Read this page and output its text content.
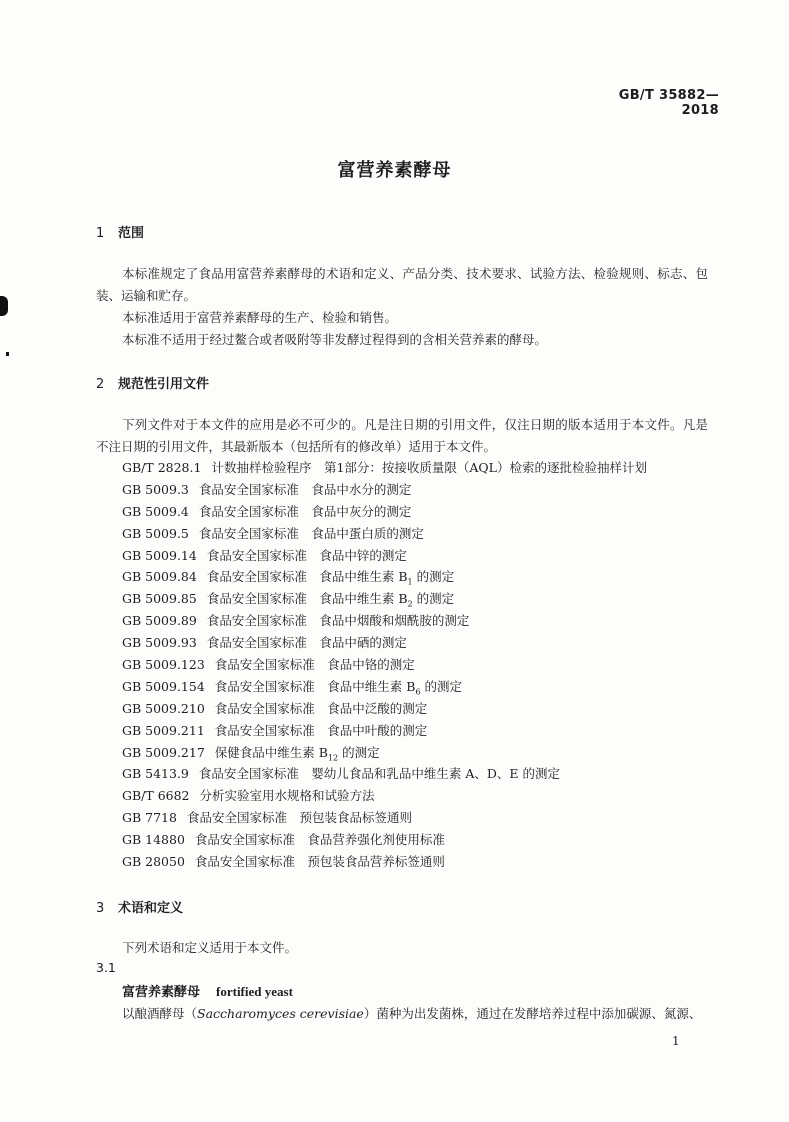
GB/T 35882—2018
富营养素酵母
1 范围
本标准规定了食品用富营养素酵母的术语和定义、产品分类、技术要求、试验方法、检验规则、标志、包装、运输和贮存。
本标准适用于富营养素酵母的生产、检验和销售。
本标准不适用于经过鳌合或者吸附等非发酵过程得到的含相关营养素的酵母。
2 规范性引用文件
下列文件对于本文件的应用是必不可少的。凡是注日期的引用文件，仅注日期的版本适用于本文件。凡是不注日期的引用文件，其最新版本（包括所有的修改单）适用于本文件。
GB/T 2828.1 计数抽样检验程序　第1部分：按接收质量限（AQL）检索的逐批检验抽样计划
GB 5009.3 食品安全国家标准　食品中水分的测定
GB 5009.4 食品安全国家标准　食品中灰分的测定
GB 5009.5 食品安全国家标准　食品中蛋白质的测定
GB 5009.14 食品安全国家标准　食品中锌的测定
GB 5009.84 食品安全国家标准　食品中维生素 $B_1$ 的测定
GB 5009.85 食品安全国家标准　食品中维生素 $B_2$ 的测定
GB 5009.89 食品安全国家标准　食品中烟酸和烟酰胺的测定
GB 5009.93 食品安全国家标准　食品中硒的测定
GB 5009.123 食品安全国家标准　食品中铬的测定
GB 5009.154 食品安全国家标准　食品中维生素 $B_6$ 的测定
GB 5009.210 食品安全国家标准　食品中泛酸的测定
GB 5009.211 食品安全国家标准　食品中叶酸的测定
GB 5009.217 保健食品中维生素 $B_{12}$ 的测定
GB 5413.9 食品安全国家标准　婴幼儿食品和乳品中维生素 A、D、E 的测定
GB/T 6682 分析实验室用水规格和试验方法
GB 7718 食品安全国家标准　预包装食品标签通则
GB 14880 食品安全国家标准　食品营养强化剂使用标准
GB 28050 食品安全国家标准　预包装食品营养标签通则
3 术语和定义
下列术语和定义适用于本文件。
3.1
富营养素酵母 fortified yeast
以酿酒酵母（Saccharomyces cerevisiae）菌种为出发菌株，通过在发酵培养过程中添加碳源、氮源、
1
